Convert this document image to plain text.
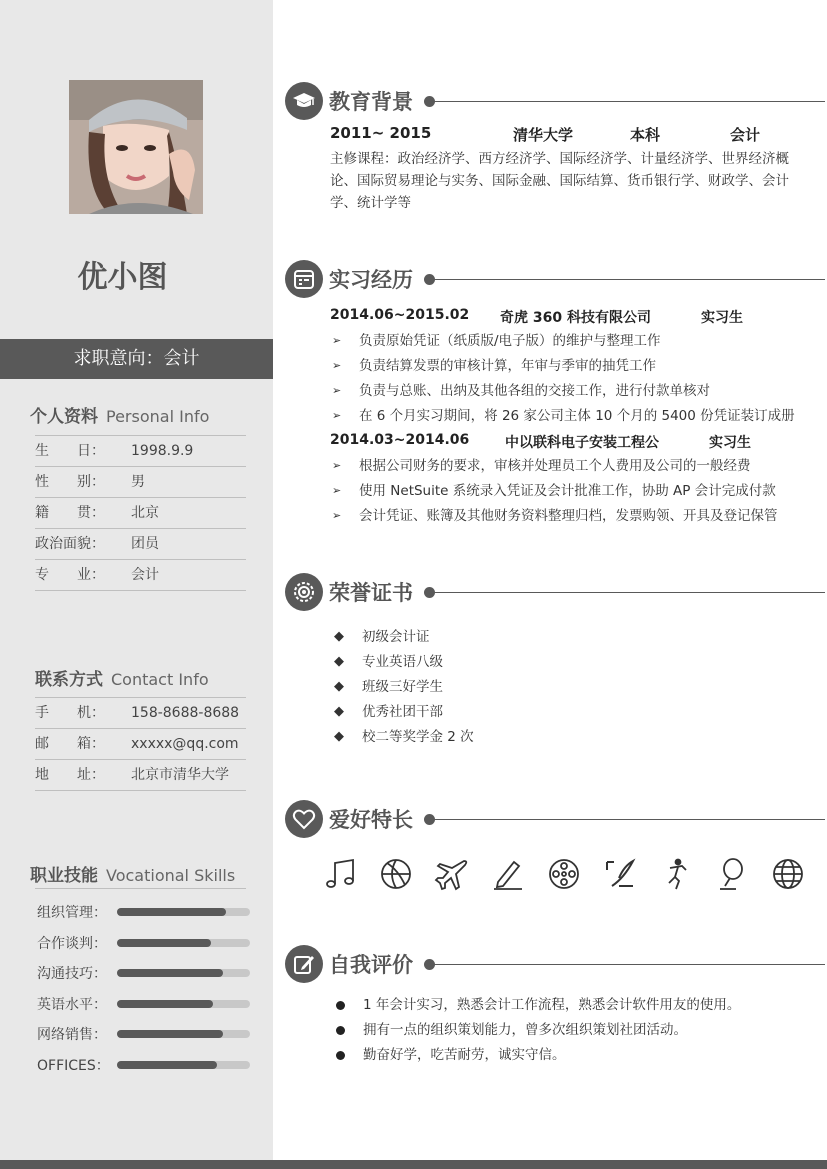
优小图
求职意向：会计
个人资料 Personal Info
生　　日： 1998.9.9
性　　别： 男
籍　　贯： 北京
政治面貌： 团员
专　　业： 会计
联系方式 Contact Info
手　　机： 158-8688-8688
邮　　箱： xxxxx@qq.com
地　　址： 北京市清华大学
职业技能 Vocational Skills
组织管理：
合作谈判：
沟通技巧：
英语水平：
网络销售：
OFFICES：
教育背景
2011~ 2015	清华大学	本科	会计
主修课程：政治经济学、西方经济学、国际经济学、计量经济学、世界经济概论、国际贸易理论与实务、国际金融、国际结算、货币银行学、财政学、会计学、统计学等
实习经历
2014.06~2015.02 奇虎 360 科技有限公司	实习生
➢ 负责原始凭证（纸质版/电子版）的维护与整理工作
➢ 负责结算发票的审核计算，年审与季审的抽凭工作
➢ 负责与总账、出纳及其他各组的交接工作，进行付款单核对
➢ 在 6 个月实习期间，将 26 家公司主体 10 个月的 5400 份凭证装订成册
2014.03~2014.06	中以联科电子安装工程公	实习生
➢ 根据公司财务的要求，审核并处理员工个人费用及公司的一般经费
➢ 使用 NetSuite 系统录入凭证及会计批准工作，协助 AP 会计完成付款
➢ 会计凭证、账簿及其他财务资料整理归档，发票购领、开具及登记保管
荣誉证书
◆ 初级会计证
◆ 专业英语八级
◆ 班级三好学生
◆ 优秀社团干部
◆ 校二等奖学金 2 次
爱好特长
自我评价
1 年会计实习，熟悉会计工作流程，熟悉会计软件用友的使用。
拥有一点的组织策划能力，曾多次组织策划社团活动。
勤奋好学，吃苦耐劳，诚实守信。
